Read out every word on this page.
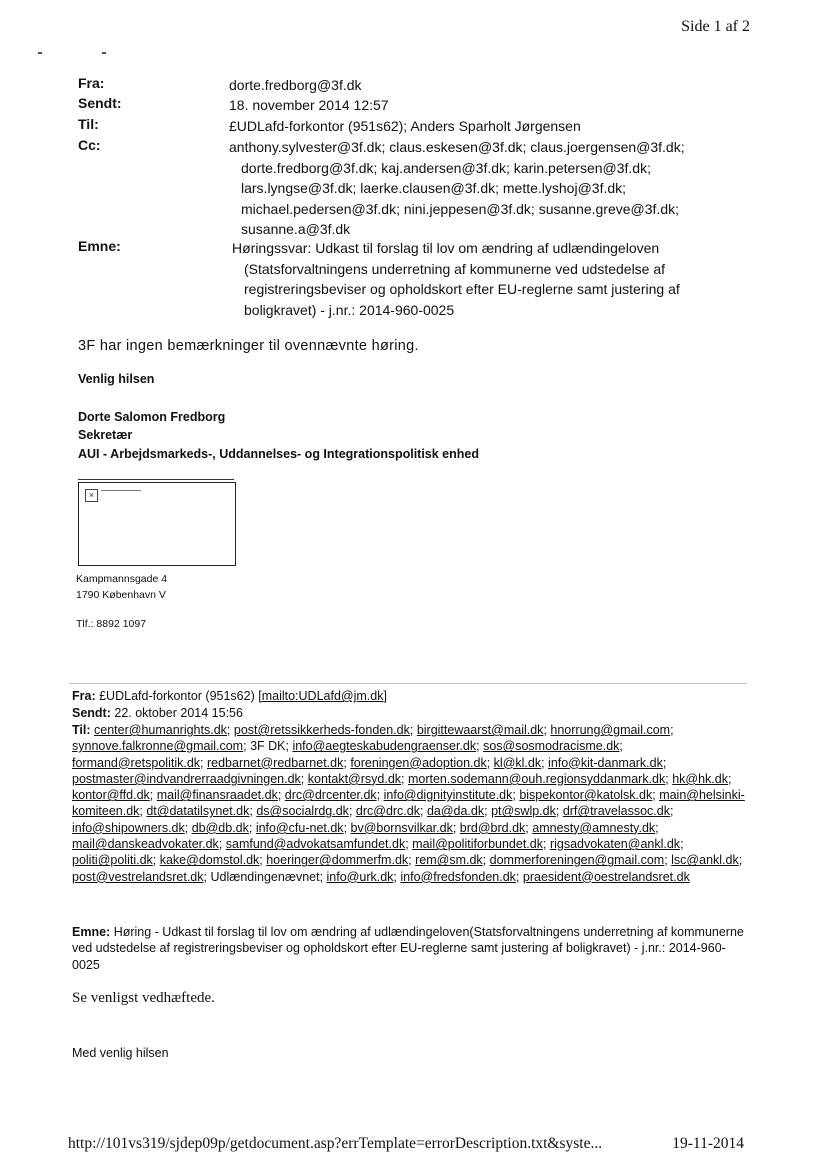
Side 1 af 2
Fra:	dorte.fredborg@3f.dk
Sendt:	18. november 2014 12:57
Til:	£UDLafd-forkontor (951s62); Anders Sparholt Jørgensen
Cc:	anthony.sylvester@3f.dk; claus.eskesen@3f.dk; claus.joergensen@3f.dk; dorte.fredborg@3f.dk; kaj.andersen@3f.dk; karin.petersen@3f.dk; lars.lyngse@3f.dk; laerke.clausen@3f.dk; mette.lyshoj@3f.dk; michael.pedersen@3f.dk; nini.jeppesen@3f.dk; susanne.greve@3f.dk; susanne.a@3f.dk
Emne:	Høringssvar: Udkast til forslag til lov om ændring af udlændingeloven (Statsforvaltningens underretning af kommunerne ved udstedelse af registreringsbeviser og opholdskort efter EU-reglerne samt justering af boligkravet) - j.nr.: 2014-960-0025
3F har ingen bemærkninger til ovennævnte høring.
Venlig hilsen
Dorte Salomon Fredborg
Sekretær
AUI - Arbejdsmarkeds-, Uddannelses- og Integrationspolitisk enhed
×
Kampmannsgade 4
1790 København V
Tlf.: 8892 1097
Fra: £UDLafd-forkontor (951s62) [mailto:UDLafd@jm.dk]
Sendt: 22. oktober 2014 15:56
Til: center@humanrights.dk; post@retssikkerheds-fonden.dk; birgittewaarst@mail.dk; hnorrung@gmail.com; synnove.falkronne@gmail.com; 3F DK; info@aegteskabudengraenser.dk; sos@sosmodracisme.dk; formand@retspolitik.dk; redbarnet@redbarnet.dk; foreningen@adoption.dk; kl@kl.dk; info@kit-danmark.dk; postmaster@indvandrerraadgivningen.dk; kontakt@rsyd.dk; morten.sodemann@ouh.regionsyddanmark.dk; hk@hk.dk; kontor@ffd.dk; mail@finansraadet.dk; drc@drcenter.dk; info@dignityinstitute.dk; bispekontor@katolsk.dk; main@helsinki-komiteen.dk; dt@datatilsynet.dk; ds@socialrdg.dk; drc@drc.dk; da@da.dk; pt@swlp.dk; drf@travelassoc.dk; info@shipowners.dk; db@db.dk; info@cfu-net.dk; bv@bornsvilkar.dk; brd@brd.dk; amnesty@amnesty.dk; mail@danskeadvokater.dk; samfund@advokatsamfundet.dk; mail@politiforbundet.dk; rigsadvokaten@ankl.dk; politi@politi.dk; kake@domstol.dk; hoeringer@dommerfm.dk; rem@sm.dk; dommerforeningen@gmail.com; lsc@ankl.dk; post@vestrelandsret.dk; Udlændingenævnet; info@urk.dk; info@fredsfonden.dk; praesident@oestrelandsret.dk
Emne: Høring - Udkast til forslag til lov om ændring af udlændingeloven(Statsforvaltningens underretning af kommunerne ved udstedelse af registreringsbeviser og opholdskort efter EU-reglerne samt justering af boligkravet) - j.nr.: 2014-960-0025
Se venligst vedhæftede.
Med venlig hilsen
http://101vs319/sjdep09p/getdocument.asp?errTemplate=errorDescription.txt&syste...	19-11-2014
